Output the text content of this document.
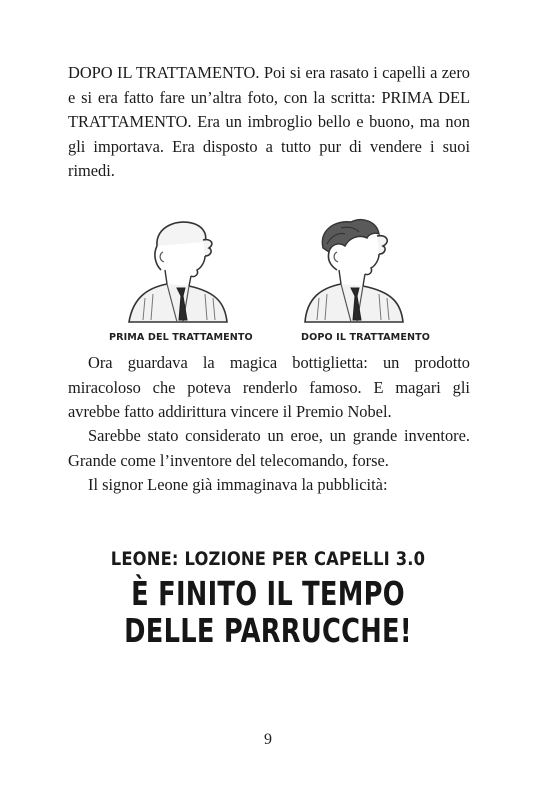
DOPO IL TRATTAMENTO. Poi si era rasato i capelli a zero e si era fatto fare un’altra foto, con la scritta: PRIMA DEL TRATTAMENTO. Era un imbroglio bello e buono, ma non gli importava. Era disposto a tutto pur di vendere i suoi rimedi.

PRIMA DEL TRATTAMENTO	DOPO IL TRATTAMENTO

Ora guardava la magica bottiglietta: un prodotto miracoloso che poteva renderlo famoso. E magari gli avrebbe fatto addirittura vincere il Premio Nobel.

Sarebbe stato considerato un eroe, un grande inventore. Grande come l’inventore del telecomando, forse.

Il signor Leone già immaginava la pubblicità:

LEONE: LOZIONE PER CAPELLI 3.0
È FINITO IL TEMPO
DELLE PARRUCCHE!
9
